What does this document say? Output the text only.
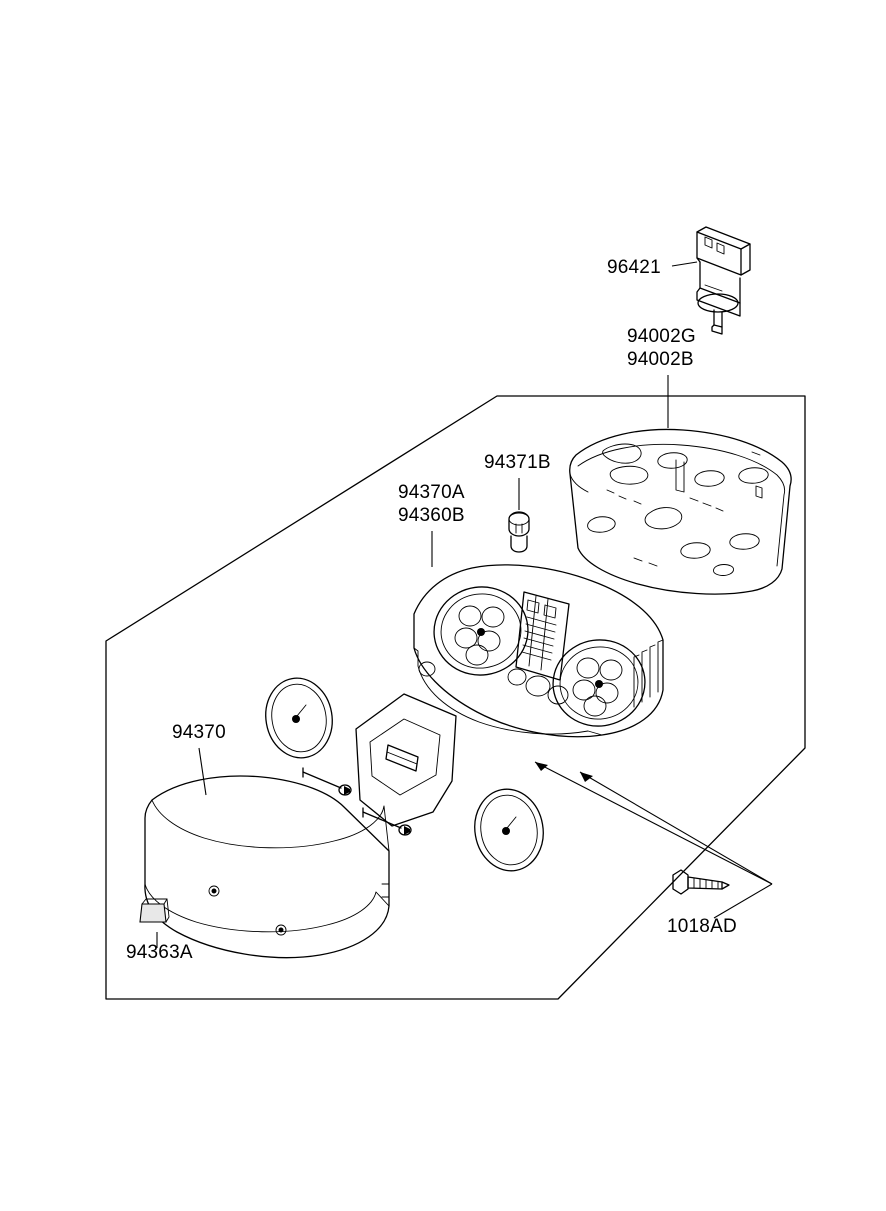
96421
94002G
94002B
94371B
94370A
94360B
94370
94363A
1018AD
